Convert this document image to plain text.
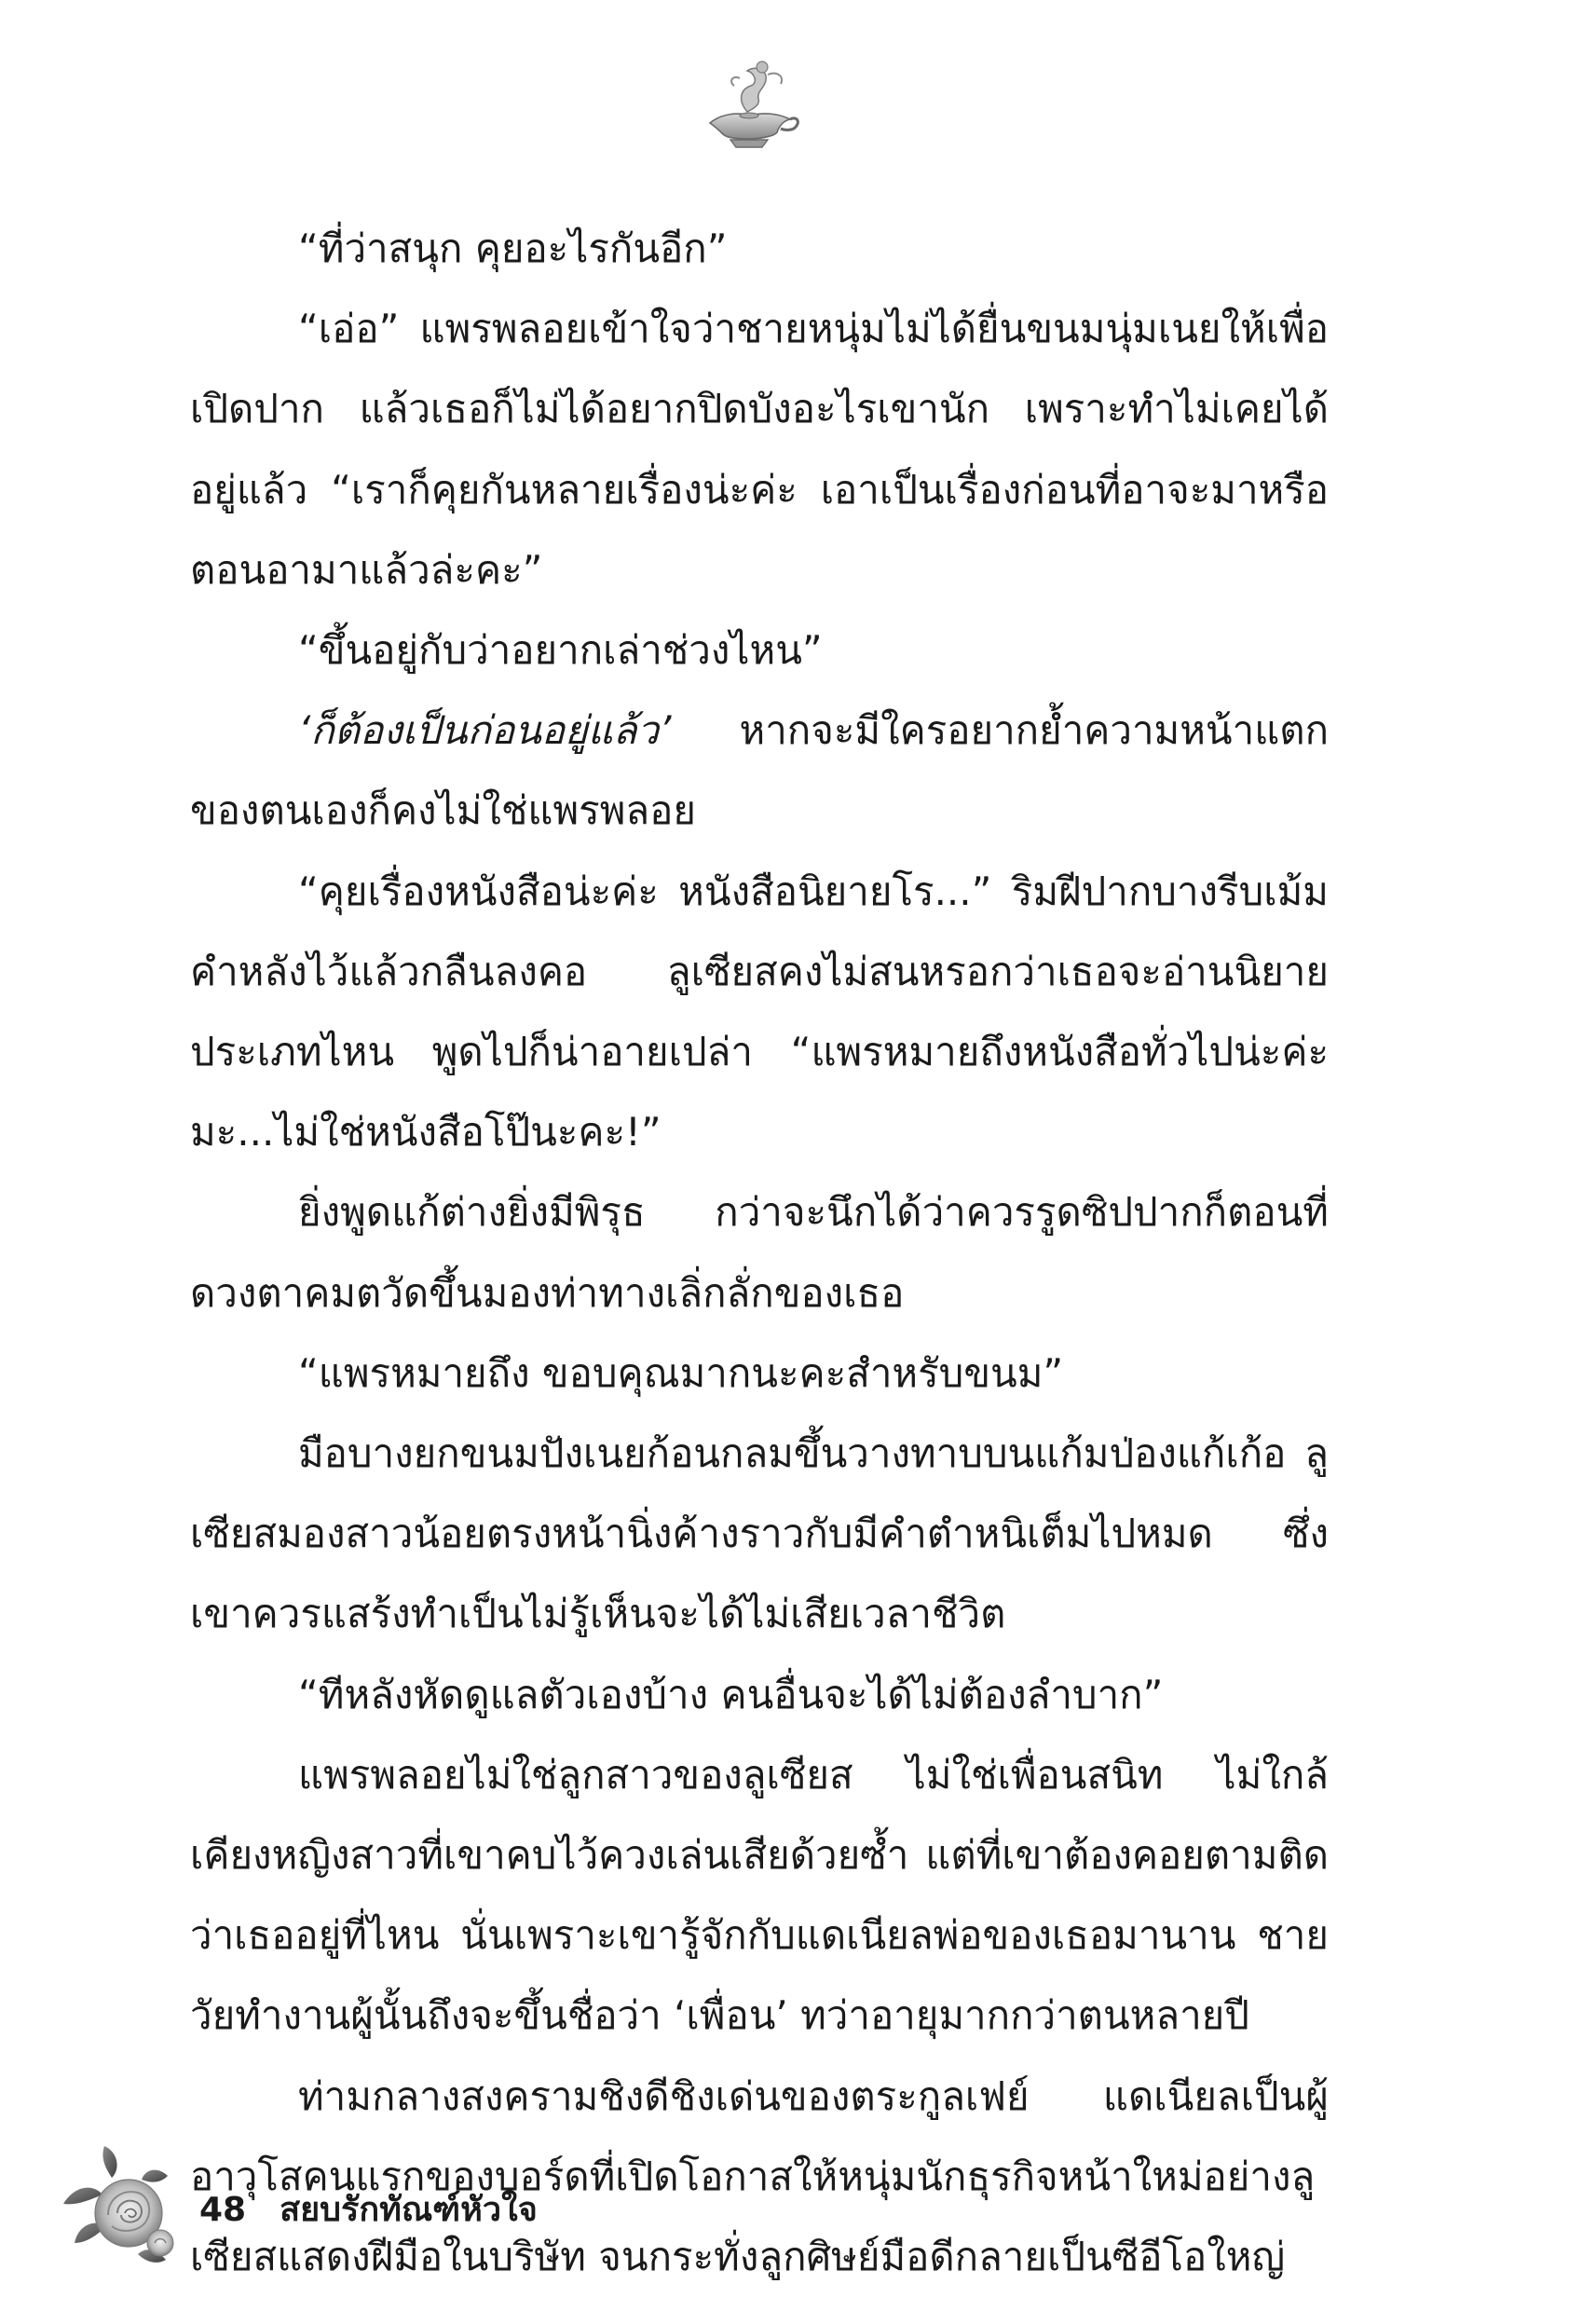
“ที่ว่าสนุก คุยอะไรกันอีก”

“เอ่อ” แพรพลอยเข้าใจว่าชายหนุ่มไม่ได้ยื่นขนมนุ่มเนยให้เพื่อเปิดปาก แล้วเธอก็ไม่ได้อยากปิดบังอะไรเขานัก เพราะทำไม่เคยได้อยู่แล้ว “เราก็คุยกันหลายเรื่องน่ะค่ะ เอาเป็นเรื่องก่อนที่อาจะมาหรือตอนอามาแล้วล่ะคะ”

“ขึ้นอยู่กับว่าอยากเล่าช่วงไหน”

‘ก็ต้องเป็นก่อนอยู่แล้ว’ หากจะมีใครอยากย้ำความหน้าแตกของตนเองก็คงไม่ใช่แพรพลอย

“คุยเรื่องหนังสือน่ะค่ะ หนังสือนิยายโร...” ริมฝีปากบางรีบเม้มคำหลังไว้แล้วกลืนลงคอ ลูเซียสคงไม่สนหรอกว่าเธอจะอ่านนิยายประเภทไหน พูดไปก็น่าอายเปล่า “แพรหมายถึงหนังสือทั่วไปน่ะค่ะ มะ...ไม่ใช่หนังสือโป๊นะคะ!”

ยิ่งพูดแก้ต่างยิ่งมีพิรุธ กว่าจะนึกได้ว่าควรรูดซิปปากก็ตอนที่ดวงตาคมตวัดขึ้นมองท่าทางเลิ่กลั่กของเธอ

“แพรหมายถึง ขอบคุณมากนะคะสำหรับขนม”

มือบางยกขนมปังเนยก้อนกลมขึ้นวางทาบบนแก้มป่องแก้เก้อ ลูเซียสมองสาวน้อยตรงหน้านิ่งค้างราวกับมีคำตำหนิเต็มไปหมด ซึ่งเขาควรแสร้งทำเป็นไม่รู้เห็นจะได้ไม่เสียเวลาชีวิต

“ทีหลังหัดดูแลตัวเองบ้าง คนอื่นจะได้ไม่ต้องลำบาก”

แพรพลอยไม่ใช่ลูกสาวของลูเซียส ไม่ใช่เพื่อนสนิท ไม่ใกล้เคียงหญิงสาวที่เขาคบไว้ควงเล่นเสียด้วยซ้ำ แต่ที่เขาต้องคอยตามติดว่าเธออยู่ที่ไหน นั่นเพราะเขารู้จักกับแดเนียลพ่อของเธอมานาน ชายวัยทำงานผู้นั้นถึงจะขึ้นชื่อว่า ‘เพื่อน’ ทว่าอายุมากกว่าตนหลายปี

ท่ามกลางสงครามชิงดีชิงเด่นของตระกูลเฟย์ แดเนียลเป็นผู้อาวุโสคนแรกของบอร์ดที่เปิดโอกาสให้หนุ่มนักธุรกิจหน้าใหม่อย่างลูเซียสแสดงฝีมือในบริษัท จนกระทั่งลูกศิษย์มือดีกลายเป็นซีอีโอใหญ่

48 สยบรักทัณฑ์หัวใจ
